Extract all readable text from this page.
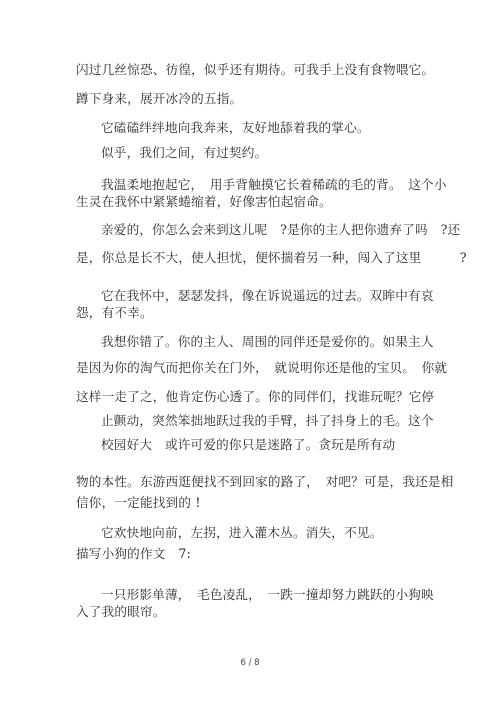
闪过几丝惊恐、彷徨，似乎还有期待。可我手上没有食物喂它。
蹲下身来，展开冰冷的五指。
它磕磕绊绊地向我奔来，友好地舔着我的掌心。
似乎，我们之间，有过契约。
我温柔地抱起它，　用手背触摸它长着稀疏的毛的背。　这个小
生灵在我怀中紧紧蜷缩着，好像害怕起宿命。
亲爱的，你怎么会来到这儿呢　?是你的主人把你遗弃了吗　?还
是，你总是长不大，使人担忧，便怀揣着另一种，闯入了这里　　　?
它在我怀中，瑟瑟发抖，像在诉说遥远的过去。双眸中有哀
怨，有不幸。
我想你错了。你的主人、周围的同伴还是爱你的。如果主人
是因为你的淘气而把你关在门外，　就说明你还是他的宝贝。　你就
这样一走了之，他肯定伤心透了。你的同伴们，找谁玩呢？它停
止颤动，突然笨拙地跃过我的手臂，抖了抖身上的毛。这个
校园好大　或许可爱的你只是迷路了。贪玩是所有动
物的本性。东游西逛便找不到回家的路了，　对吧？可是，我还是相
信你，一定能找到的 !
它欢快地向前，左拐，进入灌木丛。消失，不见。
描写小狗的作文　7:
一只形影单薄，　毛色凌乱，　一跌一撞却努力跳跃的小狗映
入了我的眼帘。
6 / 8
